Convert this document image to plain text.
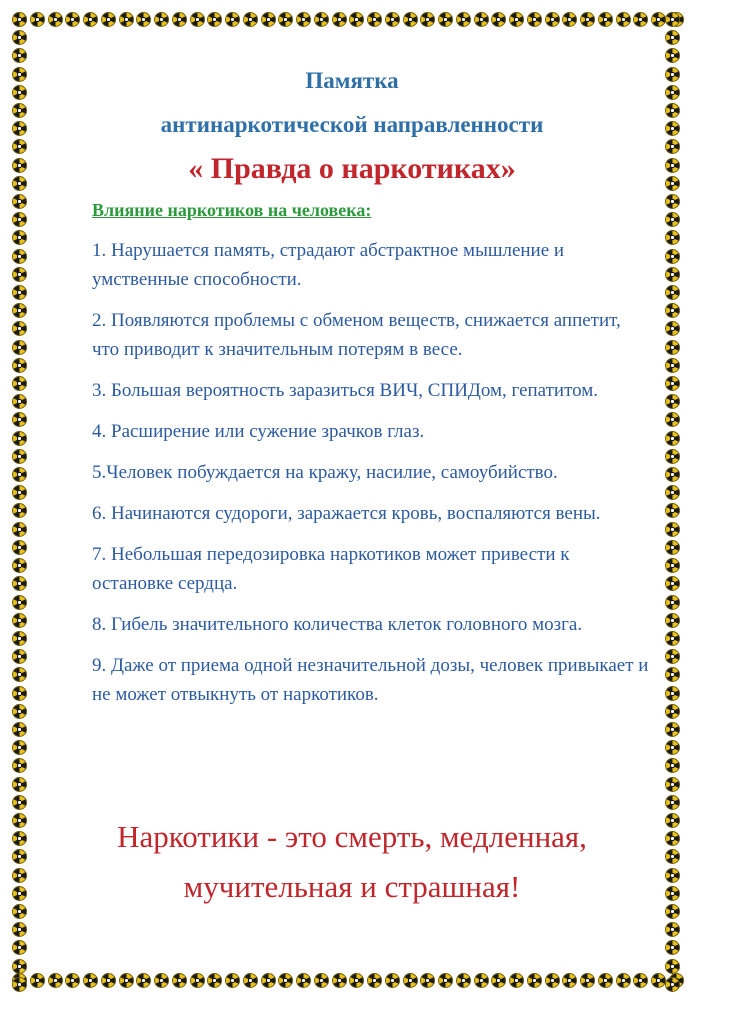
Памятка

антинаркотической направленности

« Правда о наркотиках»

Влияние наркотиков на человека:

1. Нарушается память, страдают абстрактное мышление и умственные способности.
2. Появляются проблемы с обменом веществ, снижается аппетит, что приводит к значительным потерям в весе.
3. Большая вероятность заразиться ВИЧ, СПИДом, гепатитом.
4. Расширение или сужение зрачков глаз.
5.Человек побуждается на кражу, насилие, самоубийство.
6. Начинаются судороги, заражается кровь, воспаляются вены.
7. Небольшая передозировка наркотиков может привести к остановке сердца.
8. Гибель значительного количества клеток головного мозга.
9. Даже от приема одной незначительной дозы, человек привыкает и не может отвыкнуть от наркотиков.

Наркотики - это смерть, медленная,
мучительная и страшная!
